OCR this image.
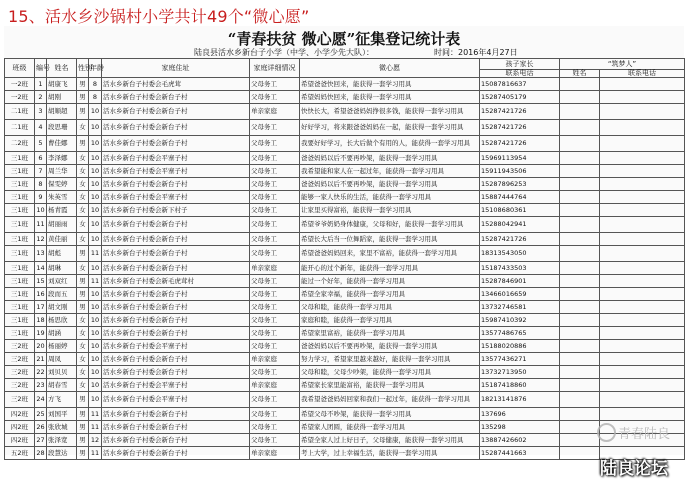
15、活水乡沙锅村小学共计49个“微心愿”
“青春扶贫 微心愿”征集登记统计表
陆良县活水乡新台子小学（中学、小学少先大队）：	时间：2016年4月27日
班级	编号	姓名	性别	年龄	家庭住址	家庭详细情况	微心愿	孩子家长	“筑梦人”	
								联系电话	姓名	联系电话
一2班	1	胡康飞	男	8	活水乡新台子村委会毛虎茸	父母务工	希望爸爸快回来，能获得一套学习用具	15087816637		
一2班	2	胡刚	男	8	活水乡新台子村委会新台子村	父母务工	希望妈妈快回来，能获得一套学习用具	15287405179		
二1班	3	胡顺超	男	10	活水乡新台子村委会新台子村	单亲家庭	快快长大，希望爸爸妈妈挣很多钱，能获得一套学习用具	15287421726		
二1班	4	段思珊	女	10	活水乡新台子村委会新台子村	父母务工	好好学习，将来跟爸爸妈妈在一起，能获得一套学习用具	15287421726		
二2班	5	曹佳娜	男	10	活水乡新台子村委会新台子村	父母务工	我要好好学习，长大后做个有用的人，能获得一套学习用具	15287421726		
三1班	6	李泽娜	女	10	活水乡新台子村委会平寨子村	父母务工	爸爸妈妈以后不要再吵架，能获得一套学习用具	15969113954		
三1班	7	周兰华	女	10	活水乡新台子村委会平寨子村	父母务工	我希望能和家人在一起过年，能获得一套学习用具	15911943506		
三1班	8	保雯婷	女	10	活水乡新台子村委会新台子村	父母务工	爸爸妈妈以后不要再吵架，能获得一套学习用具	15287896253		
三1班	9	朱英雪	女	10	活水乡新台子村委会平寨子村	父母务工	能够一家人快乐的生活，能获得一套学习用具	15887444764		
三1班	10	杨青霞	女	10	活水乡新台子村委会新下村子	父母务工	让家里买得富裕，能获得一套学习用具	15108680361		
三1班	11	胡丽雨	女	10	活水乡新台子村委会新台子村	父母务工	希望爷爷奶奶身体健康，父母和好，能获得一套学习用具	15288042941		
三1班	12	黄佳丽	女	10	活水乡新台子村委会新台子村	父母务工	希望长大后当一位舞蹈家，能获得一套学习用具	15287421726		
三1班	13	胡彪	男	11	活水乡新台子村委会新台子村	父母务工	希望爸爸妈妈回来，家里不富裕，能获得一套学习用具	18313543050		
三1班	14	胡琳	女	10	活水乡新台子村委会新台子村	单亲家庭	能开心的过个新年，能获得一套学习用具	15187433503		
三1班	15	刘双红	男	11	活水乡新台子村委会新毛虎茸村	父母务工	能过一个好年，能获得一套学习用具	15287846901		
三1班	16	段而五	男	10	活水乡新台子村委会新台子村	父母务工	希望全家幸福，能获得一套学习用具	13466016659		
三1班	17	胡文刚	男	10	活水乡新台子村委会新台子村	父母务工	父母和睦，能获得一套学习用具	13732746581		
三1班	18	杨思欣	女	10	活水乡新台子村委会新台子村	父母务工	家庭和睦，能获得一套学习用具	15987410392		
三1班	19	胡涵	女	10	活水乡新台子村委会新台子村	父母务工	希望家里富裕，能获得一套学习用具	13577486765		
三2班	20	杨丽婷	女	10	活水乡新台子村委会平寨子村	父母务工	爸爸妈妈以后不要再吵架，能获得一套学习用具	15188020886		
三2班	21	周凤	女	10	活水乡新台子村委会新台子村	单亲家庭	努力学习，希望家里越来越好，能获得一套学习用具	13577436271		
三2班	22	刘贝贝	女	10	活水乡新台子村委会新台子村	父母务工	父母和睦，父母少吵架，能获得一套学习用具	13732713950		
三2班	23	胡春雪	女	10	活水乡新台子村委会平寨子村	单亲家庭	希望家长家里能富裕，能获得一套学习用具	15187418860		
三2班	24	方飞	男	10	活水乡新台子村委会平寨子村	父母务工	我希望爸爸妈妈回家和我们一起过年，能获得一套学习用具	18213141876		
四2班	25	刘国平	男	11	活水乡新台子村委会新台子村	父母务工	希望父母不吵架，能获得一套学习用具	137696		
四2班	26	张欣城	男	11	活水乡新台子村委会新台子村	父母务工	希望家人团圆，能获得一套学习用具	135298		
四2班	27	张泽宽	男	12	活水乡新台子村委会新台子村	父母务工	希望全家人过上好日子，父母健康，能获得一套学习用具	13887426602		
五2班	28	段慧达	男	11	活水乡新台子村委会新台子村	单亲家庭	考上大学，过上幸福生活，能获得一套学习用具	15287441663		
青春陆良
陆良论坛
